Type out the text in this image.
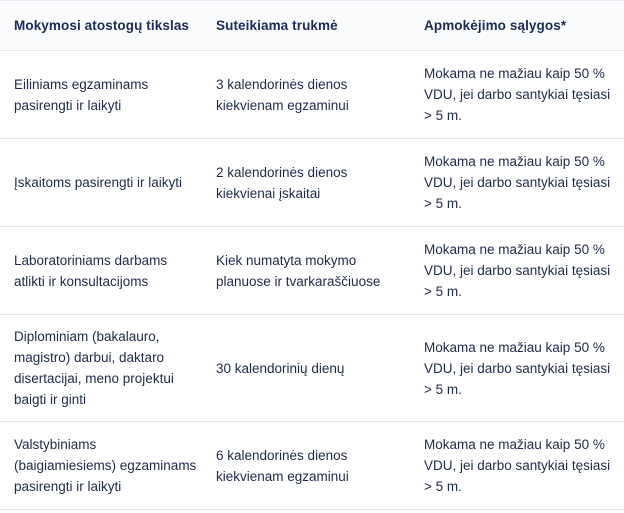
Mokymosi atostogų tikslas	Suteikiama trukmė	Apmokėjimo sąlygos*
Eiliniams egzaminams pasirengti ir laikyti
3 kalendorinės dienos kiekvienam egzaminui
Mokama ne mažiau kaip 50 % VDU, jei darbo santykiai tęsiasi > 5 m.
Įskaitoms pasirengti ir laikyti
2 kalendorinės dienos kiekvienai įskaitai
Mokama ne mažiau kaip 50 % VDU, jei darbo santykiai tęsiasi > 5 m.
Laboratoriniams darbams atlikti ir konsultacijoms
Kiek numatyta mokymo planuose ir tvarkaraščiuose
Mokama ne mažiau kaip 50 % VDU, jei darbo santykiai tęsiasi > 5 m.
Diplominiam (bakalauro, magistro) darbui, daktaro disertacijai, meno projektui baigti ir ginti
30 kalendorinių dienų
Mokama ne mažiau kaip 50 % VDU, jei darbo santykiai tęsiasi > 5 m.
Valstybiniams (baigiamiesiems) egzaminams pasirengti ir laikyti
6 kalendorinės dienos kiekvienam egzaminui
Mokama ne mažiau kaip 50 % VDU, jei darbo santykiai tęsiasi > 5 m.
